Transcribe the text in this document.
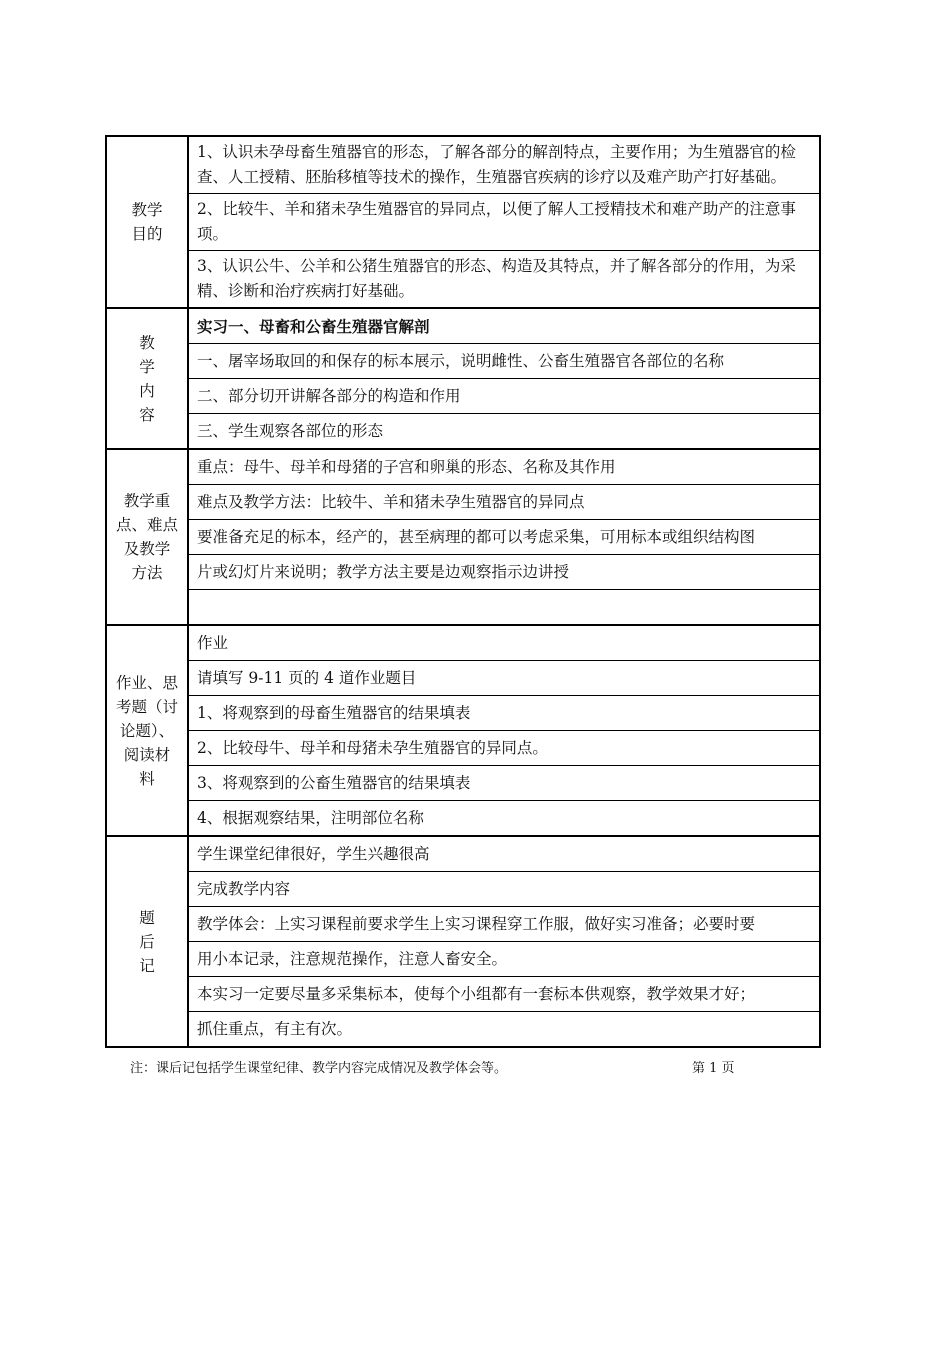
教学
目的	1、认识未孕母畜生殖器官的形态，了解各部分的解剖特点，主要作用；为生殖器官的检查、人工授精、胚胎移植等技术的操作，生殖器官疾病的诊疗以及难产助产打好基础。
	2、比较牛、羊和猪未孕生殖器官的异同点，以便了解人工授精技术和难产助产的注意事项。
	3、认识公牛、公羊和公猪生殖器官的形态、构造及其特点，并了解各部分的作用，为采精、诊断和治疗疾病打好基础。
教
学
内
容	实习一、母畜和公畜生殖器官解剖
	一、屠宰场取回的和保存的标本展示，说明雌性、公畜生殖器官各部位的名称
	二、部分切开讲解各部分的构造和作用
	三、学生观察各部位的形态
教学重
点、难点
及教学
方法	重点：母牛、母羊和母猪的子宫和卵巢的形态、名称及其作用
	难点及教学方法：比较牛、羊和猪未孕生殖器官的异同点
	要准备充足的标本，经产的，甚至病理的都可以考虑采集，可用标本或组织结构图
	片或幻灯片来说明；教学方法主要是边观察指示边讲授

作业、思
考题（讨
论题）、
阅读材
料	作业
	请填写 9-11 页的 4 道作业题目
	1、将观察到的母畜生殖器官的结果填表
	2、比较母牛、母羊和母猪未孕生殖器官的异同点。
	3、将观察到的公畜生殖器官的结果填表
	4、根据观察结果，注明部位名称
题
后
记	学生课堂纪律很好，学生兴趣很高
	完成教学内容
	教学体会：上实习课程前要求学生上实习课程穿工作服，做好实习准备；必要时要
	用小本记录，注意规范操作，注意人畜安全。
	本实习一定要尽量多采集标本，使每个小组都有一套标本供观察，教学效果才好；
	抓住重点，有主有次。
注：课后记包括学生课堂纪律、教学内容完成情况及教学体会等。	第 1 页
